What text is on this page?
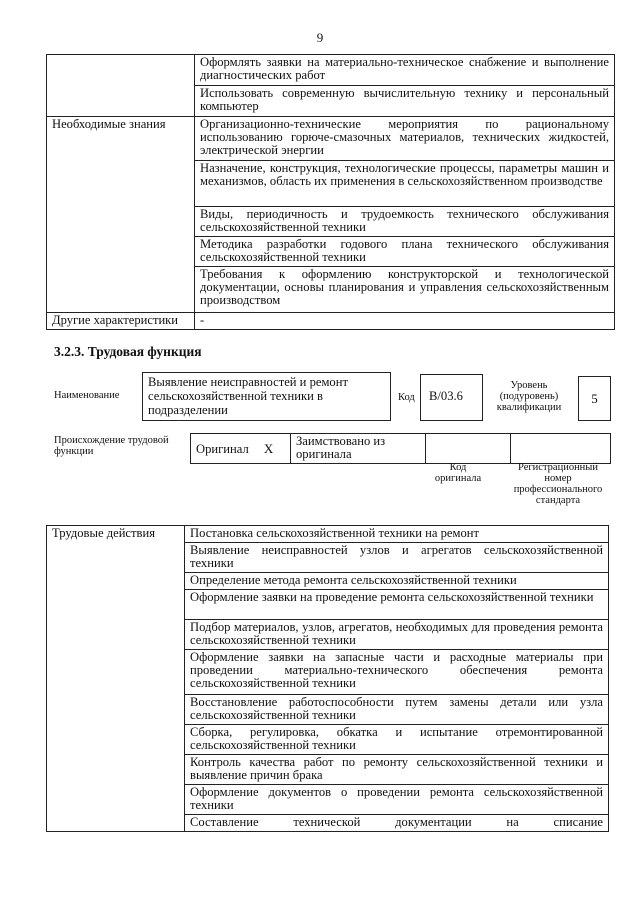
9
	Оформлять заявки на материально-техническое снабжение и выполнение диагностических работ
	Использовать современную вычислительную технику и персональный компьютер
Необходимые знания	Организационно-технические мероприятия по рациональному использованию горюче-смазочных материалов, технических жидкостей, электрической энергии
	Назначение, конструкция, технологические процессы, параметры машин и механизмов, область их применения в сельскохозяйственном производстве
	Виды, периодичность и трудоемкость технического обслуживания сельскохозяйственной техники
	Методика разработки годового плана технического обслуживания сельскохозяйственной техники
	Требования к оформлению конструкторской и технологической документации, основы планирования и управления сельскохозяйственным производством
Другие характеристики	-
3.2.3. Трудовая функция
Наименование
Выявление неисправностей и ремонт сельскохозяйственной техники в подразделении
Код	B/03.6
Уровень (подуровень) квалификации
5
Происхождение трудовой функции	Оригинал X	Заимствовано из оригинала		
Код оригинала
Регистрационный номер профессионального стандарта
Трудовые действия	Постановка сельскохозяйственной техники на ремонт
Выявление неисправностей узлов и агрегатов сельскохозяйственной техники
Определение метода ремонта сельскохозяйственной техники
Оформление заявки на проведение ремонта сельскохозяйственной техники
Подбор материалов, узлов, агрегатов, необходимых для проведения ремонта сельскохозяйственной техники
Оформление заявки на запасные части и расходные материалы при проведении материально-технического обеспечения ремонта сельскохозяйственной техники
Восстановление работоспособности путем замены детали или узла сельскохозяйственной техники
Сборка, регулировка, обкатка и испытание отремонтированной сельскохозяйственной техники
Контроль качества работ по ремонту сельскохозяйственной техники и выявление причин брака
Оформление документов о проведении ремонта сельскохозяйственной техники
Составление технической документации на списание
